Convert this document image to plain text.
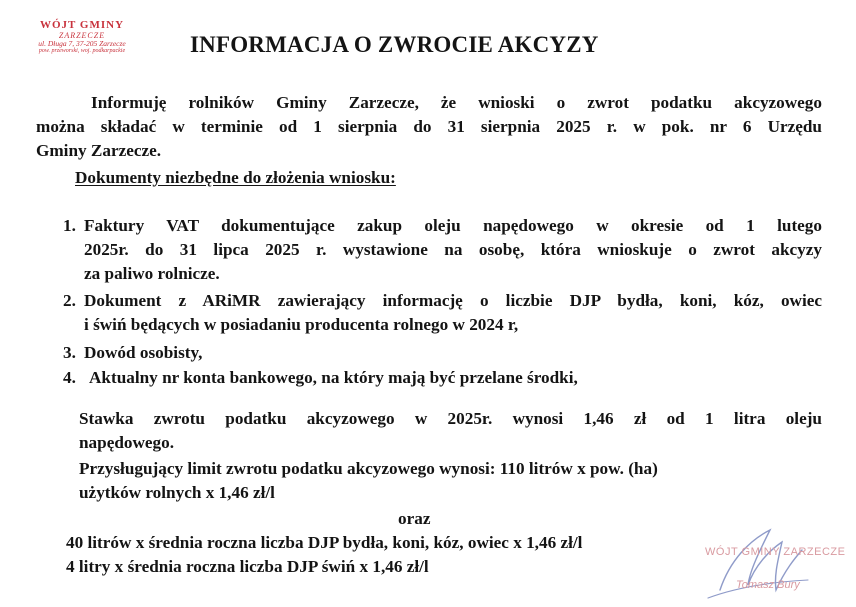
WÓJT GMINY
ZARZECZE
ul. Długa 7, 37-205 Zarzecze
pow. przeworski, woj. podkarpackie	INFORMACJA O ZWROCIE AKCYZY
Informuję rolników Gminy Zarzecze, że wnioski o zwrot podatku akcyzowego
można składać w terminie od 1 sierpnia do 31 sierpnia 2025 r. w pok. nr 6 Urzędu
Gminy Zarzecze.
Dokumenty niezbędne do złożenia wniosku:
1. Faktury VAT dokumentujące zakup oleju napędowego w okresie od 1 lutego
2025r. do 31 lipca 2025 r. wystawione na osobę, która wnioskuje o zwrot akcyzy
za paliwo rolnicze.
2. Dokument z ARiMR zawierający informację o liczbie DJP bydła, koni, kóz, owiec
i świń będących w posiadaniu producenta rolnego w 2024 r,
3. Dowód osobisty,
4. Aktualny nr konta bankowego, na który mają być przelane środki,
Stawka zwrotu podatku akcyzowego w 2025r. wynosi 1,46 zł od 1 litra oleju
napędowego.
Przysługujący limit zwrotu podatku akcyzowego wynosi: 110 litrów x pow. (ha)
użytków rolnych x 1,46 zł/l
oraz
40 litrów x średnia roczna liczba DJP bydła, koni, kóz, owiec x 1,46 zł/l
4 litry x średnia roczna liczba DJP świń x 1,46 zł/l
WÓJT GMINY ZARZECZE
Tomasz Bury
